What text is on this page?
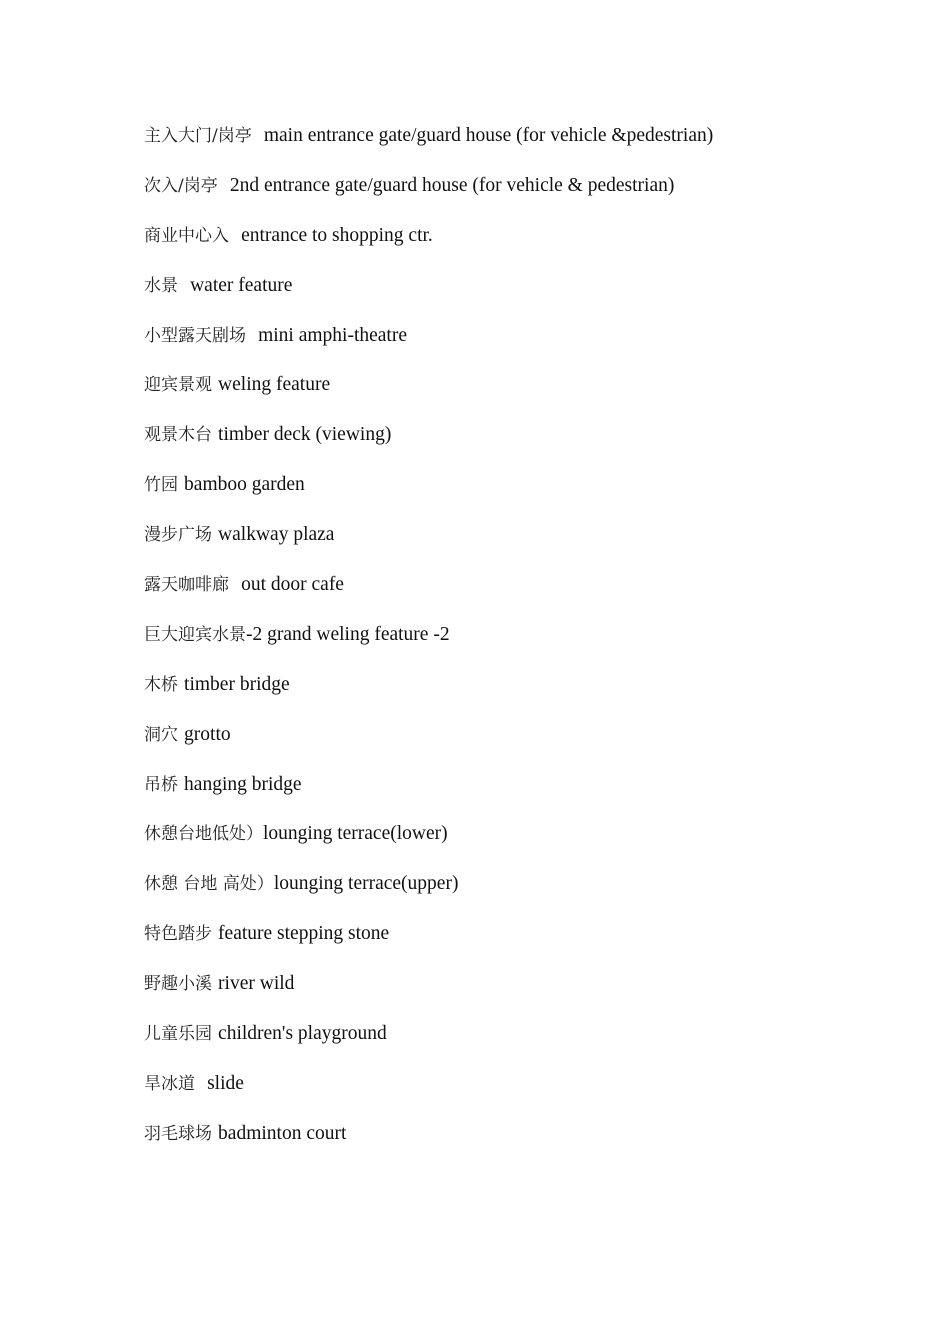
主入大门/岗亭 main entrance gate/guard house (for vehicle &pedestrian)
次入/岗亭 2nd entrance gate/guard house (for vehicle & pedestrian)
商业中心入 entrance to shopping ctr.
水景 water feature
小型露天剧场 mini amphi-theatre
迎宾景观 weling feature
观景木台 timber deck (viewing)
竹园 bamboo garden
漫步广场 walkway plaza
露天咖啡廊 out door cafe
巨大迎宾水景-2 grand weling feature -2
木桥 timber bridge
洞穴 grotto
吊桥 hanging bridge
休憩台地低处）lounging terrace(lower)
休憩 台地 高处）lounging terrace(upper)
特色踏步 feature stepping stone
野趣小溪 river wild
儿童乐园 children's playground
旱冰道 slide
羽毛球场 badminton court
